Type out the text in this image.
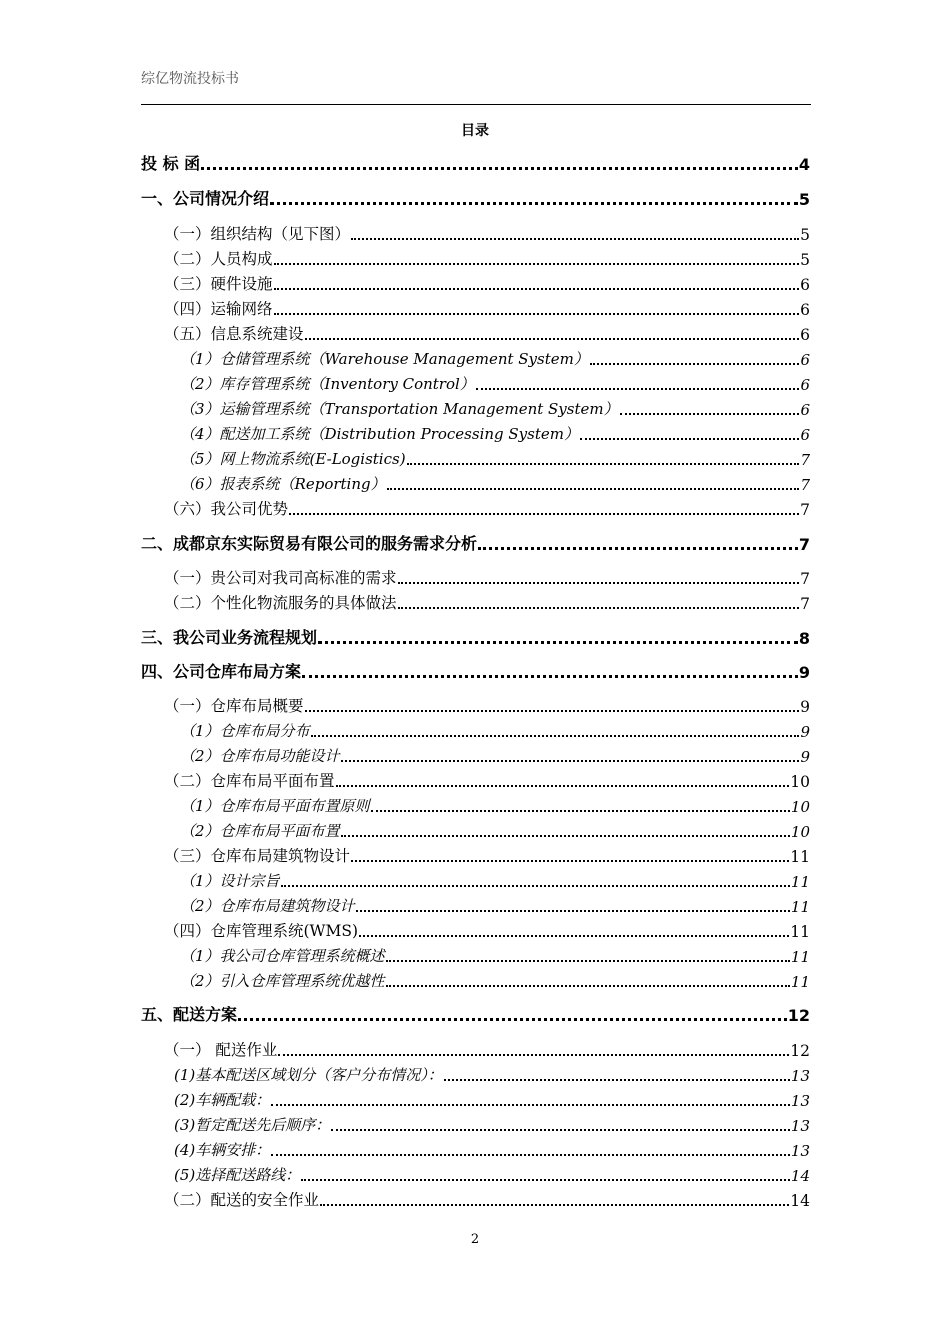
综亿物流投标书
目录
投 标 函	4
一、公司情况介绍	5
（一）组织结构（见下图）	5
（二）人员构成	5
（三）硬件设施	6
（四）运输网络	6
（五）信息系统建设	6
（1）仓储管理系统（Warehouse Management System）	6
（2）库存管理系统（Inventory Control）	6
（3）运输管理系统（Transportation Management System）	6
（4）配送加工系统（Distribution Processing System）	6
（5）网上物流系统(E-Logistics)	7
（6）报表系统（Reporting）	7
（六）我公司优势	7
二、成都京东实际贸易有限公司的服务需求分析	7
（一）贵公司对我司高标准的需求	7
（二）个性化物流服务的具体做法	7
三、我公司业务流程规划	8
四、公司仓库布局方案	9
（一）仓库布局概要	9
（1）仓库布局分布	9
（2）仓库布局功能设计	9
（二）仓库布局平面布置	10
（1）仓库布局平面布置原则	10
（2）仓库布局平面布置	10
（三）仓库布局建筑物设计	11
（1）设计宗旨	11
（2）仓库布局建筑物设计	11
（四）仓库管理系统(WMS)	11
（1）我公司仓库管理系统概述	11
（2）引入仓库管理系统优越性	11
五、配送方案	12
（一） 配送作业	12
(1)基本配送区域划分（客户分布情况）：	13
(2)车辆配载：	13
(3)暂定配送先后顺序：	13
(4)车辆安排：	13
(5)选择配送路线：	14
（二）配送的安全作业	14
2
